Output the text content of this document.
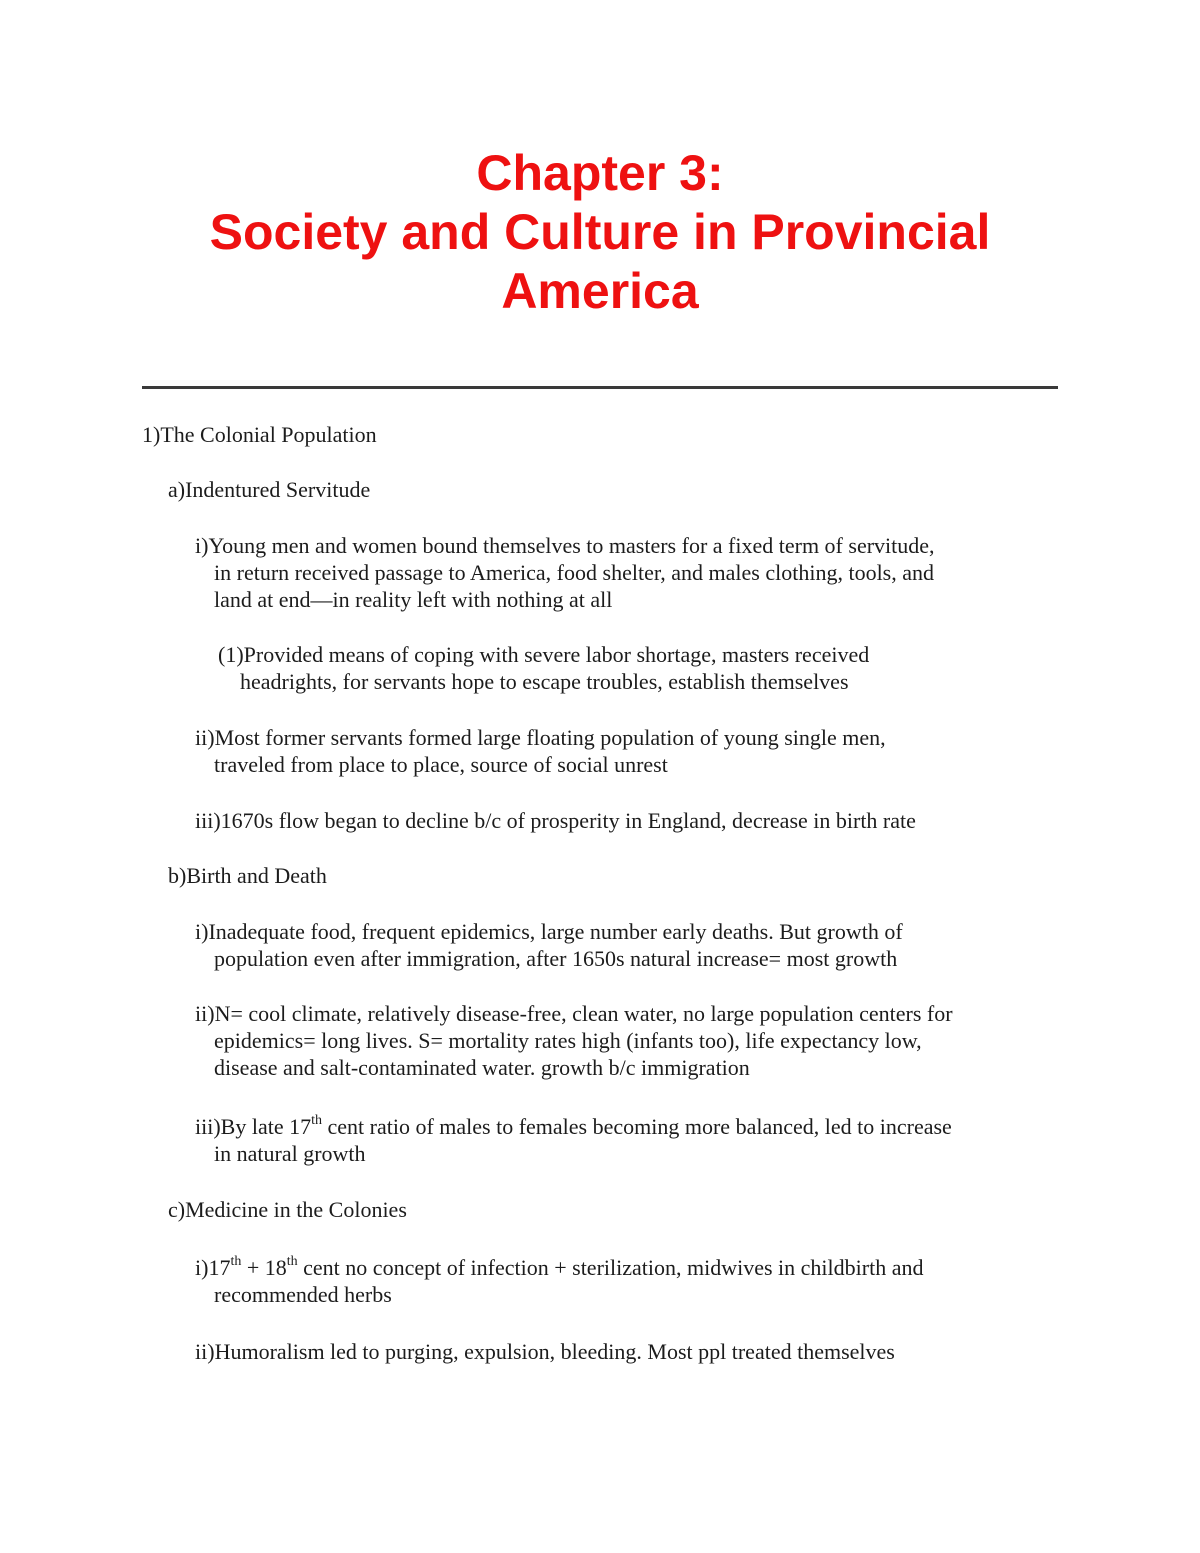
Chapter 3:
Society and Culture in Provincial
America
1)The Colonial Population
a)Indentured Servitude
i)Young men and women bound themselves to masters for a fixed term of servitude,
in return received passage to America, food shelter, and males clothing, tools, and
land at end—in reality left with nothing at all
(1)Provided means of coping with severe labor shortage, masters received
headrights, for servants hope to escape troubles, establish themselves
ii)Most former servants formed large floating population of young single men,
traveled from place to place, source of social unrest
iii)1670s flow began to decline b/c of prosperity in England, decrease in birth rate
b)Birth and Death
i)Inadequate food, frequent epidemics, large number early deaths. But growth of
population even after immigration, after 1650s natural increase= most growth
ii)N= cool climate, relatively disease-free, clean water, no large population centers for
epidemics= long lives. S= mortality rates high (infants too), life expectancy low,
disease and salt-contaminated water. growth b/c immigration
iii)By late 17th cent ratio of males to females becoming more balanced, led to increase
in natural growth
c)Medicine in the Colonies
i)17th + 18th cent no concept of infection + sterilization, midwives in childbirth and
recommended herbs
ii)Humoralism led to purging, expulsion, bleeding. Most ppl treated themselves
